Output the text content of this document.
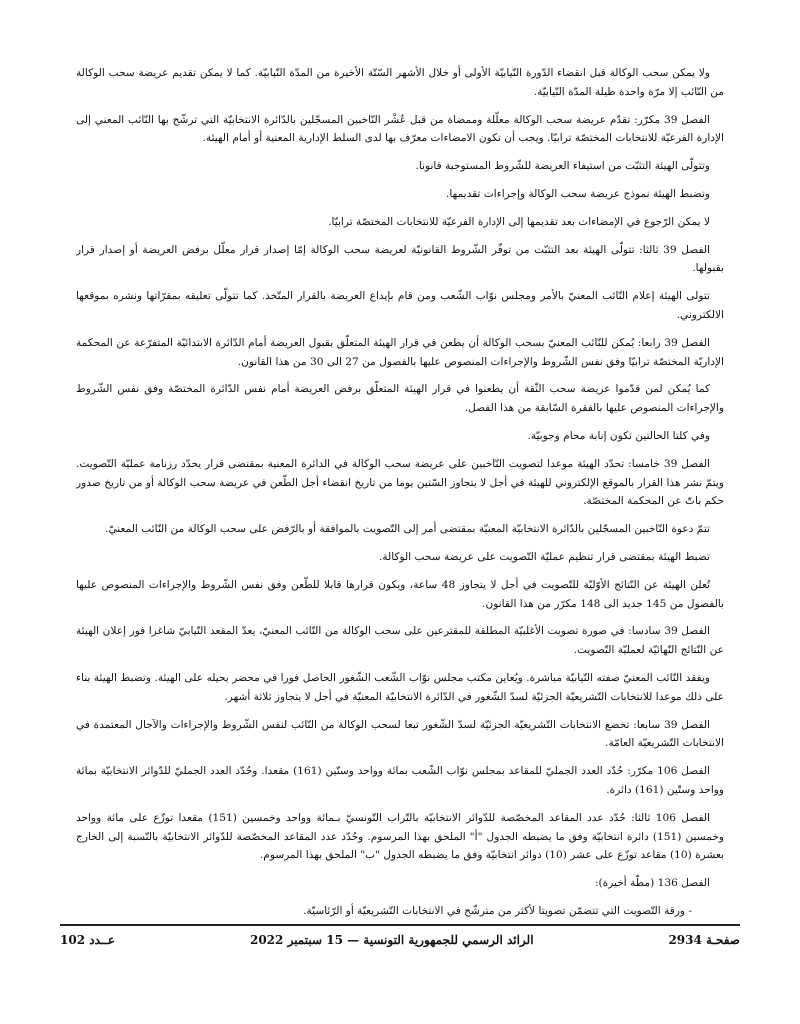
ولا يمكن سحب الوكالة قبل انقضاء الدّورة النّيابيّة الأولى أو خلال الأشهر السّتّة الأخيرة من المدّة النّيابيّة. كما لا يمكن تقديم عريضة سحب الوكالة من النّائب إلا مرّة واحدة طيلة المدّة النّيابيّة.

الفصل 39 مكرّر: تقدّم عريضة سحب الوكالة معلّلة وممضاة من قبل عُشْر النّاخبين المسجّلين بالدّائرة الانتخابيّة التي ترشّح بها النّائب المعني إلى الإدارة الفرعيّة للانتخابات المختصّة ترابيّا. ويجب أن تكون الامضاءات معرّف بها لدى السلط الإدارية المعنية أو أمام الهيئة.

وتتولّى الهيئة التثبّت من استيفاء العريضة للشّروط المستوجبة قانونا.

وتضبط الهيئة نموذج عريضة سحب الوكالة وإجراءات تقديمها.

لا يمكن الرّجوع في الإمضاءات بعد تقديمها إلى الإدارة الفرعيّة للانتخابات المختصّة ترابيّا.

الفصل 39 ثالثا: تتولّى الهيئة بعد التثبّت من توفّر الشّروط القانونيّة لعريضة سحب الوكالة إمّا إصدار قرار معلّل برفض العريضة أو إصدار قرار بقبولها.

تتولى الهيئة إعلام النّائب المعنيّ بالأمر ومجلس نوّاب الشّعب ومن قام بإيداع العريضة بالقرار المتّخذ. كما تتولّى تعليقه بمقرّاتها ونشره بموقعها الالكتروني.

الفصل 39 رابعا: يُمكن للنّائب المعنيّ بسحب الوكالة أن يطعن في قرار الهيئة المتعلّق بقبول العريضة أمام الدّائرة الابتدائيّة المتفرّعة عن المحكمة الإداريّة المختصّة ترابيّا وفق نفس الشّروط والإجراءات المنصوص عليها بالفصول من 27 الى 30 من هذا القانون.

كما يُمكن لمن قدّموا عريضة سحب الثّقة أن يطعنوا في قرار الهيئة المتعلّق برفض العريضة أمام نفس الدّائرة المختصّة وفق نفس الشّروط والإجراءات المنصوص عليها بالفقرة السّابقة من هذا الفصل.

وفي كلتا الحالتين تكون إنابة محام وجوبيّة.

الفصل 39 خامسا: تحدّد الهيئة موعدا لتصويت النّاخبين على عريضة سحب الوكالة في الدائرة المعنية بمقتضى قرار يحدّد رزنامة عمليّة التّصويت. ويتمّ نشر هذا القرار بالموقع الإلكتروني للهيئة في أجل لا يتجاوز السّتين يوما من تاريخ انقضاء أجل الطّعن في عريضة سحب الوكالة أو من تاريخ صدور حكم باتّ عن المحكمة المختصّة.

تتمّ دعوة النّاخبين المسجّلين بالدّائرة الانتخابيّة المعنيّة بمقتضى أمر إلى التّصويت بالموافقة أو بالرّفض على سحب الوكالة من النّائب المعنيّ.

تضبط الهيئة بمقتضى قرار تنظيم عمليّة التّصويت على عريضة سحب الوكالة.

تُعلن الهيئة عن النّتائج الأوّليّة للتّصويت في أجل لا يتجاوز 48 ساعة، ويكون قرارها قابلا للطّعن وفق نفس الشّروط والإجراءات المنصوص عليها بالفصول من 145 جديد الى 148 مكرّر من هذا القانون.

الفصل 39 سادسا: في صورة تصويت الأغلبيّة المطلقة للمقترعين على سحب الوكالة من النّائب المعنيّ، يعدّ المقعد النّيابيّ شاغرا فور إعلان الهيئة عن النّتائج النّهائيّة لعمليّة التّصويت.

ويفقد النّائب المعنيّ صفته النّيابيّة مباشرة. ويُعاين مكتب مجلس نوّاب الشّعب الشّغور الحاصل فورا في محضر يحيله على الهيئة. وتضبط الهيئة بناء على ذلك موعدا للانتخابات التّشريعيّة الجزئيّة لسدّ الشّغور في الدّائرة الانتخابيّة المعنيّة في أجل لا يتجاوز ثلاثة أشهر.

الفصل 39 سابعا: تخضع الانتخابات التّشريعيّة الجزئيّة لسدّ الشّغور تبعا لسحب الوكالة من النّائب لنفس الشّروط والإجراءات والآجال المعتمدة في الانتخابات التّشريعيّة العامّة.

الفصل 106 مكرّر: حُدّد العدد الجمليّ للمقاعد بمجلس نوّاب الشّعب بمائة وواحد وستّين (161) مقعدا. وحُدّد العدد الجمليّ للدّوائر الانتخابيّة بمائة وواحد وستّين (161) دائرة.

الفصل 106 ثالثا: حُدّد عدد المقاعد المخصّصة للدّوائر الانتخابيّة بالتّراب التّونسيّ بـمائة وواحد وخمسين (151) مقعدا توزّع على مائة وواحد وخمسين (151) دائرة انتخابيّة وفق ما يضبطه الجدول "أ" الملحق بهذا المرسوم. وحُدّد عدد المقاعد المخصّصة للدّوائر الانتخابيّة بالنّسبة إلى الخارج بعشرة (10) مقاعد توزّع على عشر (10) دوائر انتخابيّة وفق ما يضبطه الجدول "ب" الملحق بهذا المرسوم.

الفصل 136 (مطّة أخيرة):

- ورقة التّصويت التي تتضمّن تصويتا لأكثر من مترشّح في الانتخابات التّشريعيّة أو الرّئاسيّة.

صفحـة 2934
الرائد الرسمي للجمهورية التونسية — 15 سبتمبر 2022
عــدد 102
